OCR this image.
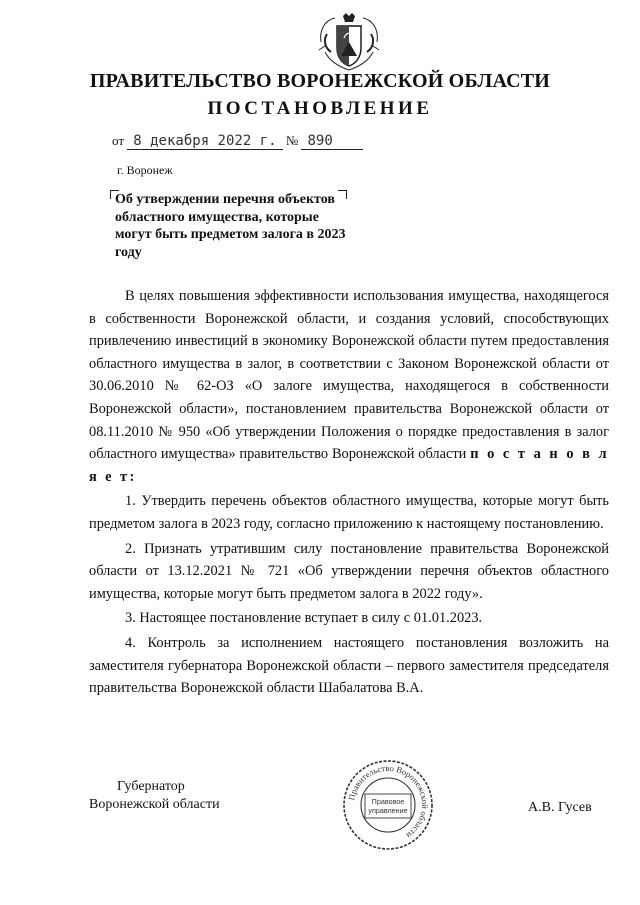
ПРАВИТЕЛЬСТВО ВОРОНЕЖСКОЙ ОБЛАСТИ
ПОСТАНОВЛЕНИЕ
от 8 декабря 2022 г. № 890
г. Воронеж
Об утверждении перечня объектов областного имущества, которые могут быть предметом залога в 2023 году

В целях повышения эффективности использования имущества, находящегося в собственности Воронежской области, и создания условий, способствующих привлечению инвестиций в экономику Воронежской области путем предоставления областного имущества в залог, в соответствии с Законом Воронежской области от 30.06.2010 № 62-ОЗ «О залоге имущества, находящегося в собственности Воронежской области», постановлением правительства Воронежской области от 08.11.2010 № 950 «Об утверждении Положения о порядке предоставления в залог областного имущества» правительство Воронежской области п о с т а н о в л я е т:

1. Утвердить перечень объектов областного имущества, которые могут быть предметом залога в 2023 году, согласно приложению к настоящему постановлению.

2. Признать утратившим силу постановление правительства Воронежской области от 13.12.2021 № 721 «Об утверждении перечня объектов областного имущества, которые могут быть предметом залога в 2022 году».

3. Настоящее постановление вступает в силу с 01.01.2023.

4. Контроль за исполнением настоящего постановления возложить на заместителя губернатора Воронежской области – первого заместителя председателя правительства Воронежской области Шабалатова В.А.

Губернатор
Воронежской области	А.В. Гусев
Правительство Воронежской области
Правовое
управление
